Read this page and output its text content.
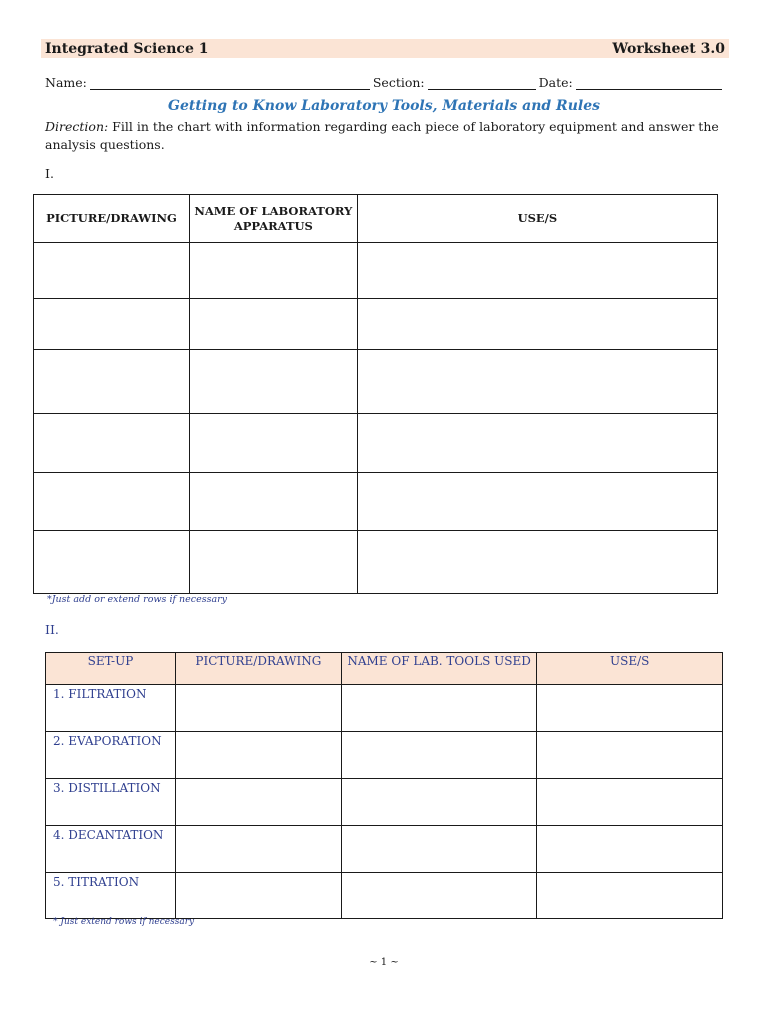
Integrated Science 1	Worksheet 3.0
Name:	Section:	Date:
Getting to Know Laboratory Tools, Materials and Rules
Direction: Fill in the chart with information regarding each piece of laboratory equipment and answer the analysis questions.
I.
PICTURE/DRAWING	NAME OF LABORATORY APPARATUS	USE/S

*Just add or extend rows if necessary
II.
SET-UP	PICTURE/DRAWING	NAME OF LAB. TOOLS USED	USE/S
1. FILTRATION			
2. EVAPORATION			
3. DISTILLATION			
4. DECANTATION			
5. TITRATION			
* Just extend rows if necessary
~ 1 ~
